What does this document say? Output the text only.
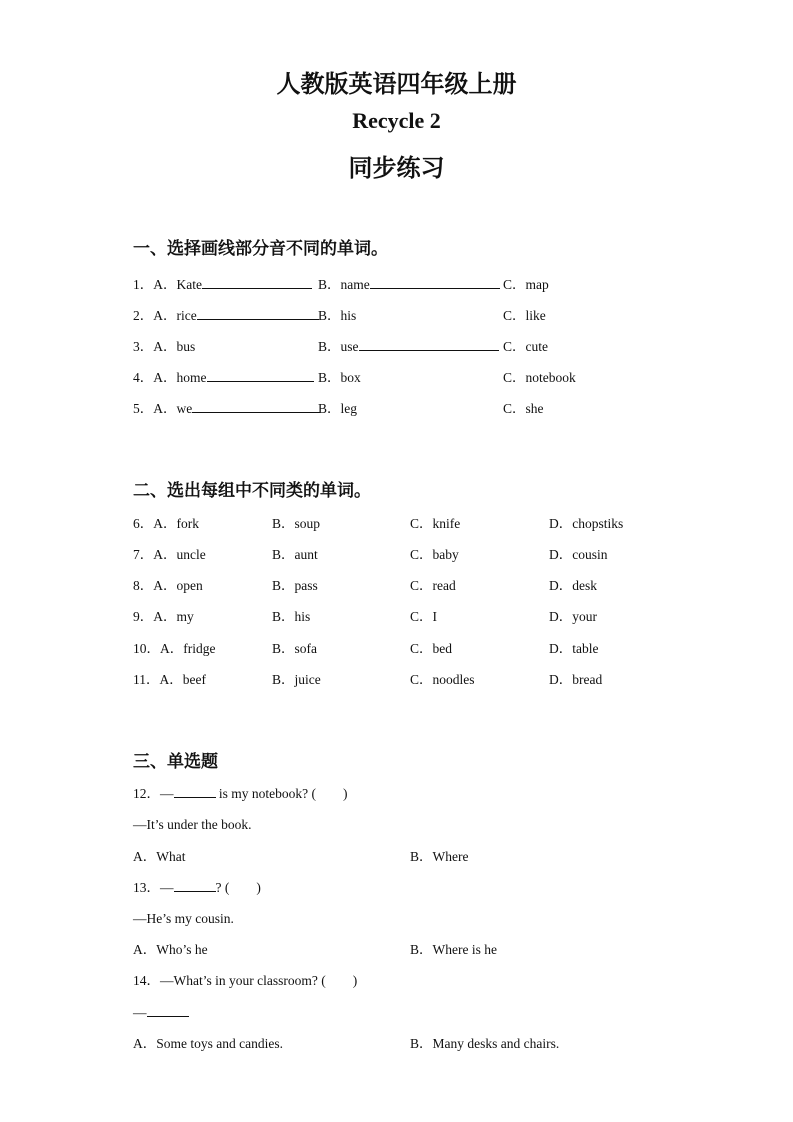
人教版英语四年级上册
Recycle 2
同步练习
一、选择画线部分音不同的单词。
1．A．Kate	B．name	C．map
2．A．rice	B．his	C．like
3．A．bus	B．use	C．cute
4．A．home	B．box	C．notebook
5．A．we	B．leg	C．she
二、选出每组中不同类的单词。
6．A．fork	B．soup	C．knife	D．chopstiks
7．A．uncle	B．aunt	C．baby	D．cousin
8．A．open	B．pass	C．read	D．desk
9．A．my	B．his	C．I	D．your
10．A．fridge	B．sofa	C．bed	D．table
11．A．beef	B．juice	C．noodles	D．bread
三、单选题
12．—	is my notebook? (　　)
—It’s under the book.
A．What	B．Where
13．—	? (　　)
—He’s my cousin.
A．Who’s he	B．Where is he
14．—What’s in your classroom? (　　)
—
A．Some toys and candies.	B．Many desks and chairs.
